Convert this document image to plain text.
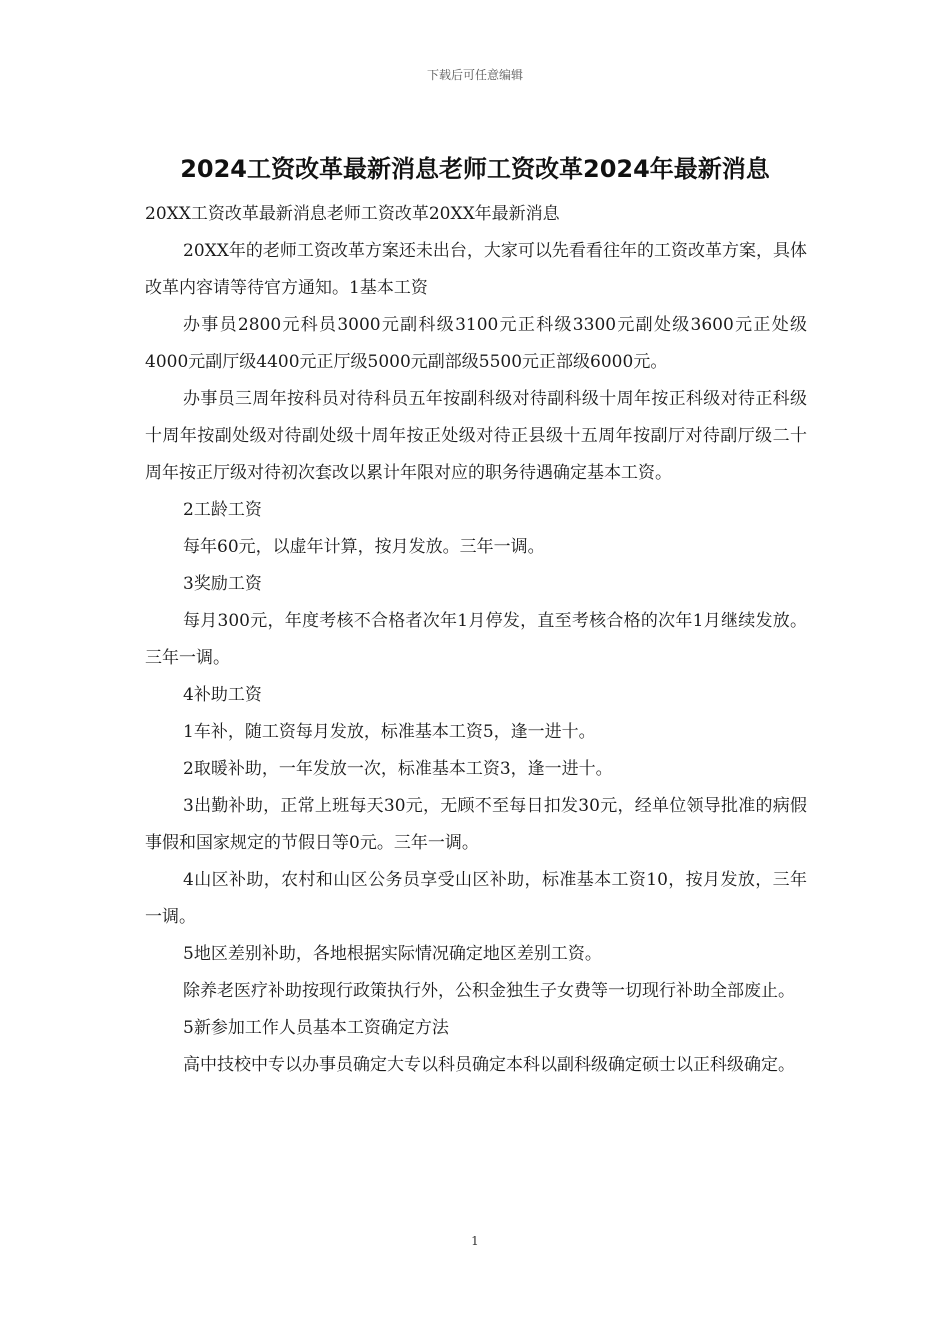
下载后可任意编辑
2024工资改革最新消息老师工资改革2024年最新消息

20XX工资改革最新消息老师工资改革20XX年最新消息

20XX年的老师工资改革方案还未出台，大家可以先看看往年的工资改革方案，具体改革内容请等待官方通知。1基本工资

办事员2800元科员3000元副科级3100元正科级3300元副处级3600元正处级4000元副厅级4400元正厅级5000元副部级5500元正部级6000元。

办事员三周年按科员对待科员五年按副科级对待副科级十周年按正科级对待正科级十周年按副处级对待副处级十周年按正处级对待正县级十五周年按副厅对待副厅级二十周年按正厅级对待初次套改以累计年限对应的职务待遇确定基本工资。

2工龄工资

每年60元，以虚年计算，按月发放。三年一调。

3奖励工资

每月300元，年度考核不合格者次年1月停发，直至考核合格的次年1月继续发放。三年一调。

4补助工资

1车补，随工资每月发放，标准基本工资5，逢一进十。

2取暖补助，一年发放一次，标准基本工资3，逢一进十。

3出勤补助，正常上班每天30元，无顾不至每日扣发30元，经单位领导批准的病假事假和国家规定的节假日等0元。三年一调。

4山区补助，农村和山区公务员享受山区补助，标准基本工资10，按月发放，三年一调。

5地区差别补助，各地根据实际情况确定地区差别工资。

除养老医疗补助按现行政策执行外，公积金独生子女费等一切现行补助全部废止。

5新参加工作人员基本工资确定方法

高中技校中专以办事员确定大专以科员确定本科以副科级确定硕士以正科级确定。

1
